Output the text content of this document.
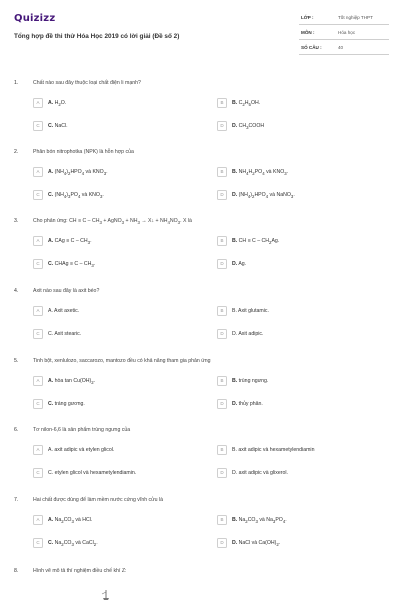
Quizizz
Tổng hợp đề thi thử Hóa Học 2019 có lời giải (Đề số 2)
LỚP :	Tốt nghiệp THPT
MÔN :	Hóa học
SỐ CÂU :	40
1.	Chất nào sau đây thuộc loại chất điện li mạnh?
A	A. $H_2O$.	B	B. $C_2H_5OH$.
C	C. NaCl.	D	D. $CH_3COOH$
2.	Phân bón nitrophotka (NPK) là hỗn hợp của
A	A. $(NH_4)_2HPO_4$ và $KNO_3$.	B	B. $NH_4H_2PO_4$ và $KNO_3$.
C	C. $(NH_4)_3PO_4$ và $KNO_3$.	D	D. $(NH_4)_2HPO_4$ và NaNO$_3$.
3.	Cho phản ứng: CH ≡ C – $CH_3$ + AgNO$_3$ + $NH_3$ → X↓ + $NH_4NO_3$. X là
A	A. CAg ≡ C – $CH_3$.	B	B. CH ≡ C – $CH_2Ag$.
C	C. CHAg ≡ C – $CH_3$.	D	D. Ag.
4.	Axit nào sau đây là axit béo?
A	A. Axit axetic.	B	B. Axit glutamic.
C	C. Axit stearic.	D	D. Axit adipic.
5.	Tinh bột, xenlulozo, saccarozo, mantozo đều có khả năng tham gia phản ứng
A	A. hòa $\tan Cu(OH)_2$.	B	B. trùng ngưng.
C	C. tráng gương.	D	D. thủy phân.
6.	Tơ nilon-6,6 là sản phẩm trùng ngưng của
A	A. axit adipic và etylen glicol.	B	B. axit adipic và hexametylendiamin
C	C. etylen glicol và hexametylendiamin.	D	D. axit adipic và glixerol.
7.	Hai chất được dùng để làm mềm nước cứng vĩnh cửu là
A	A. $Na_2CO_3$ và HCl.	B	B. $Na_2CO_3$ và $Na_3PO_4$.
C	C. $Na_2CO_3$ và CaCl$_2$.	D	D. NaCl và $Ca(OH)_2$.
8.	Hình vẽ mô tả thí nghiệm điều chế khí Z:
